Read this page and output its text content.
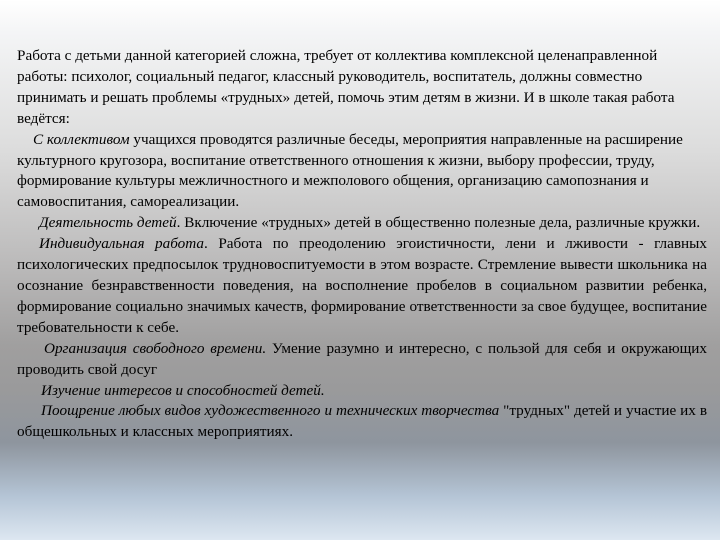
Работа с детьми данной категорией сложна, требует от коллектива комплексной целенаправленной работы: психолог, социальный педагог, классный руководитель, воспитатель, должны совместно принимать и решать проблемы «трудных» детей, помочь этим детям в жизни. И в школе такая работа ведётся:

С коллективом учащихся проводятся различные беседы, мероприятия направленные на расширение культурного кругозора, воспитание ответственного отношения к жизни, выбору профессии, труду, формирование культуры межличностного и межполового общения, организацию самопознания и самовоспитания, самореализации.

Деятельность детей. Включение «трудных» детей в общественно полезные дела, различные кружки.

Индивидуальная работа. Работа по преодолению эгоистичности, лени и лживости - главных психологических предпосылок трудновоспитуемости в этом возрасте. Стремление вывести школьника на осознание безнравственности поведения, на восполнение пробелов в социальном развитии ребенка, формирование социально значимых качеств, формирование ответственности за свое будущее, воспитание требовательности к себе.

Организация свободного времени. Умение разумно и интересно, с пользой для себя и окружающих проводить свой досуг

Изучение интересов и способностей детей.

Поощрение любых видов художественного и технических творчества "трудных" детей и участие их в общешкольных и классных мероприятиях.
